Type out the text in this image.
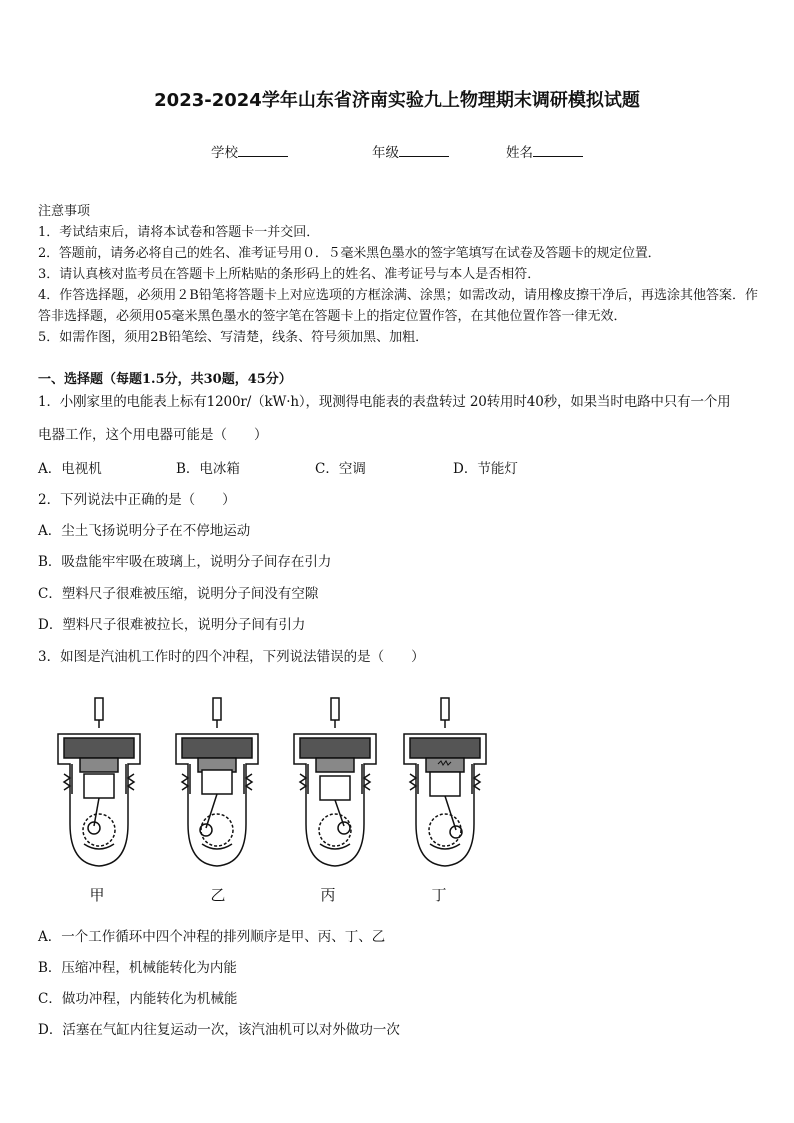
2023-2024学年山东省济南实验九上物理期末调研模拟试题
学校	年级	姓名
注意事项
1．考试结束后，请将本试卷和答题卡一并交回．
2．答题前，请务必将自己的姓名、准考证号用０．５毫米黑色墨水的签字笔填写在试卷及答题卡的规定位置．
3．请认真核对监考员在答题卡上所粘贴的条形码上的姓名、准考证号与本人是否相符．
4．作答选择题，必须用２B铅笔将答题卡上对应选项的方框涂满、涂黑；如需改动，请用橡皮擦干净后，再选涂其他答案．作答非选择题，必须用05毫米黑色墨水的签字笔在答题卡上的指定位置作答，在其他位置作答一律无效．
5．如需作图，须用2B铅笔绘、写清楚，线条、符号须加黑、加粗．
一、选择题（每题1.5分，共30题，45分）
1．小刚家里的电能表上标有1200r/（kW·h），现测得电能表的表盘转过 20转用时40秒，如果当时电路中只有一个用
电器工作，这个用电器可能是（　　）
A．电视机	B．电冰箱	C．空调	D．节能灯
2．下列说法中正确的是（　　）
A．尘土飞扬说明分子在不停地运动
B．吸盘能牢牢吸在玻璃上，说明分子间存在引力
C．塑料尺子很难被压缩，说明分子间没有空隙
D．塑料尺子很难被拉长，说明分子间有引力
3．如图是汽油机工作时的四个冲程，下列说法错误的是（　　）
甲	乙	丙	丁
A．一个工作循环中四个冲程的排列顺序是甲、丙、丁、乙
B．压缩冲程，机械能转化为内能
C．做功冲程，内能转化为机械能
D．活塞在气缸内往复运动一次，该汽油机可以对外做功一次
